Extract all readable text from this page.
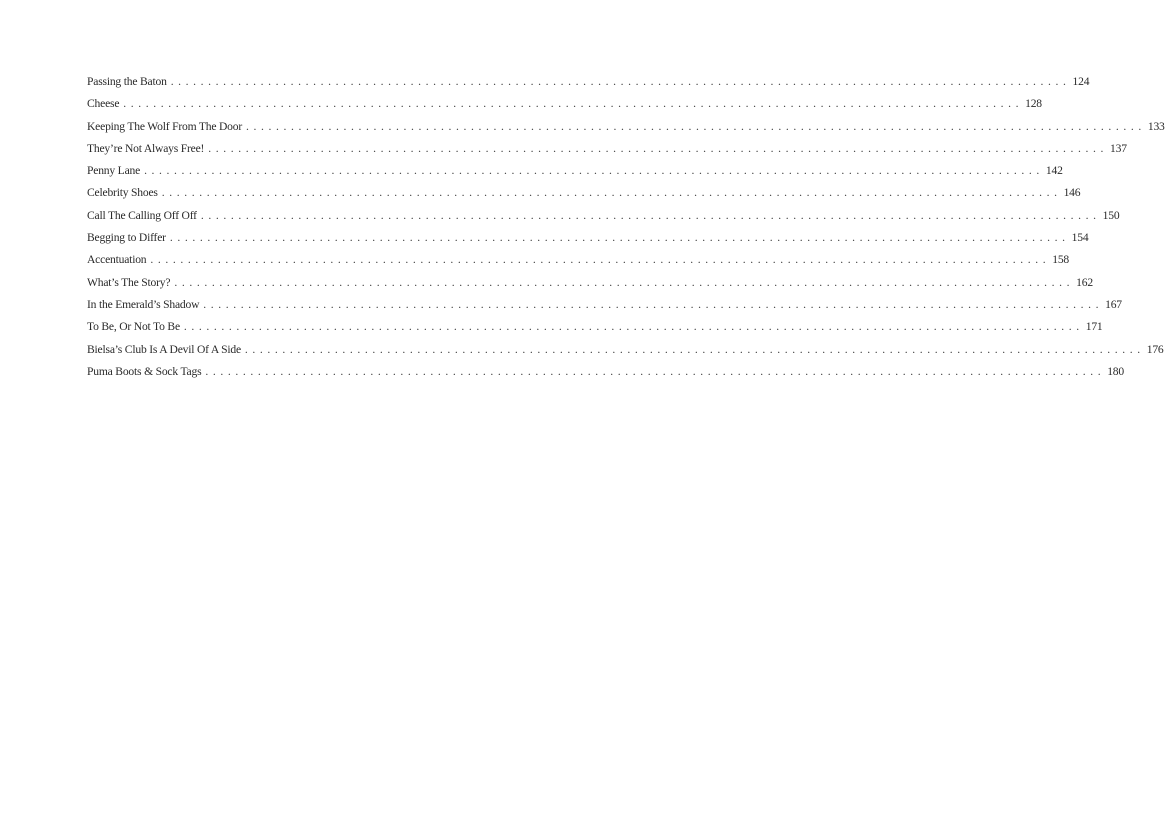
Passing the Baton ........................................................................................................................ 124
Cheese ........................................................................................................................ 128
Keeping The Wolf From The Door ........................................................................................................................ 133
They’re Not Always Free! ........................................................................................................................ 137
Penny Lane ........................................................................................................................ 142
Celebrity Shoes ........................................................................................................................ 146
Call The Calling Off Off ........................................................................................................................ 150
Begging to Differ ........................................................................................................................ 154
Accentuation ........................................................................................................................ 158
What’s The Story? ........................................................................................................................ 162
In the Emerald’s Shadow ........................................................................................................................ 167
To Be, Or Not To Be ........................................................................................................................ 171
Bielsa’s Club Is A Devil Of A Side ........................................................................................................................ 176
Puma Boots & Sock Tags ........................................................................................................................ 180
